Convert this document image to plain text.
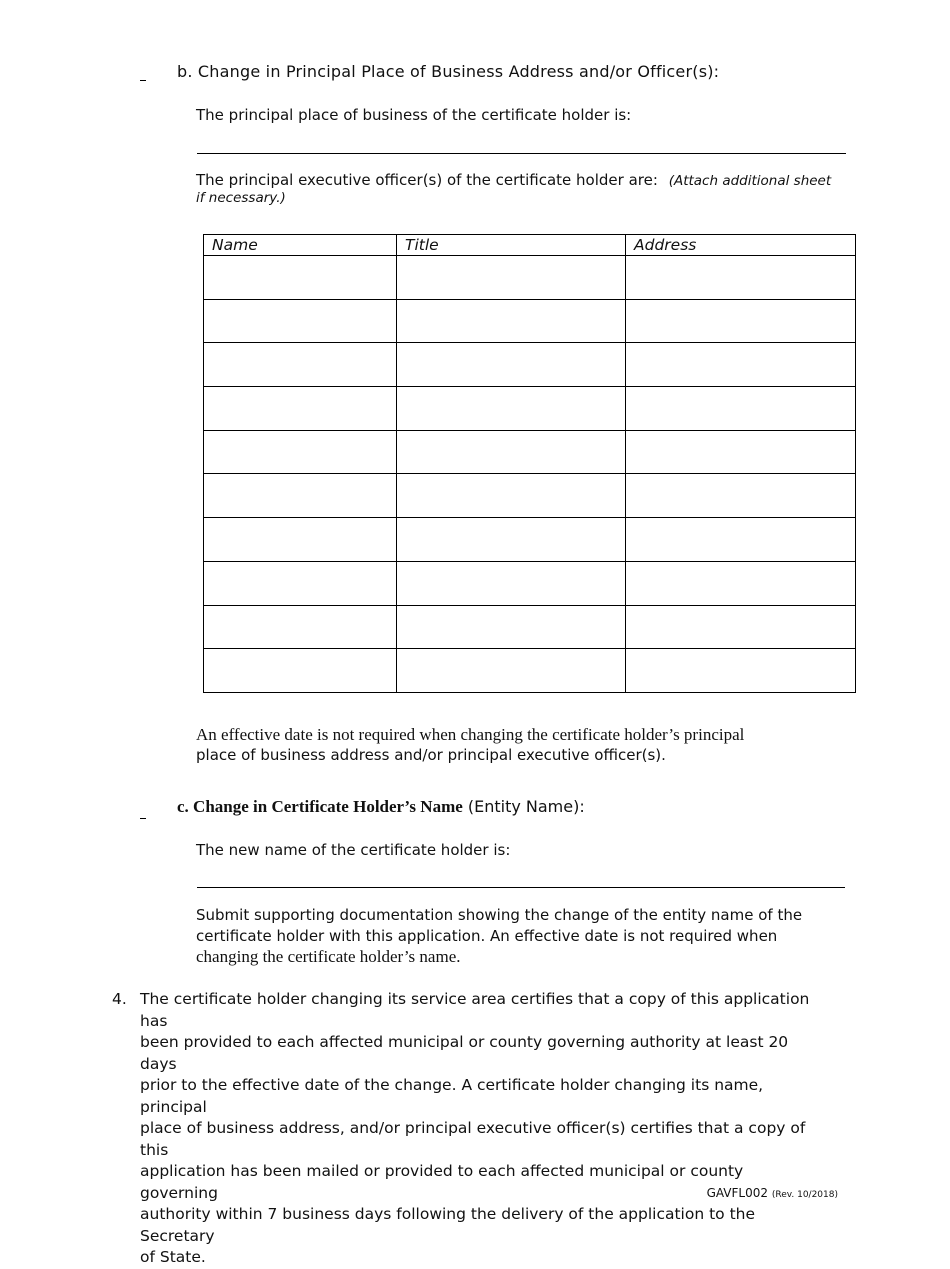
b. Change in Principal Place of Business Address and/or Officer(s):
The principal place of business of the certificate holder is:
The principal executive officer(s) of the certificate holder are: (Attach additional sheet
if necessary.)
Name	Title	Address

An effective date is not required when changing the certificate holder’s principal
place of business address and/or principal executive officer(s).
c. Change in Certificate Holder’s Name (Entity Name):
The new name of the certificate holder is:
Submit supporting documentation showing the change of the entity name of the
certificate holder with this application. An effective date is not required when
changing the certificate holder’s name.
4. The certificate holder changing its service area certifies that a copy of this application has
been provided to each affected municipal or county governing authority at least 20 days
prior to the effective date of the change. A certificate holder changing its name, principal
place of business address, and/or principal executive officer(s) certifies that a copy of this
application has been mailed or provided to each affected municipal or county governing
authority within 7 business days following the delivery of the application to the Secretary
of State.
GAVFL002 (Rev. 10/2018)
